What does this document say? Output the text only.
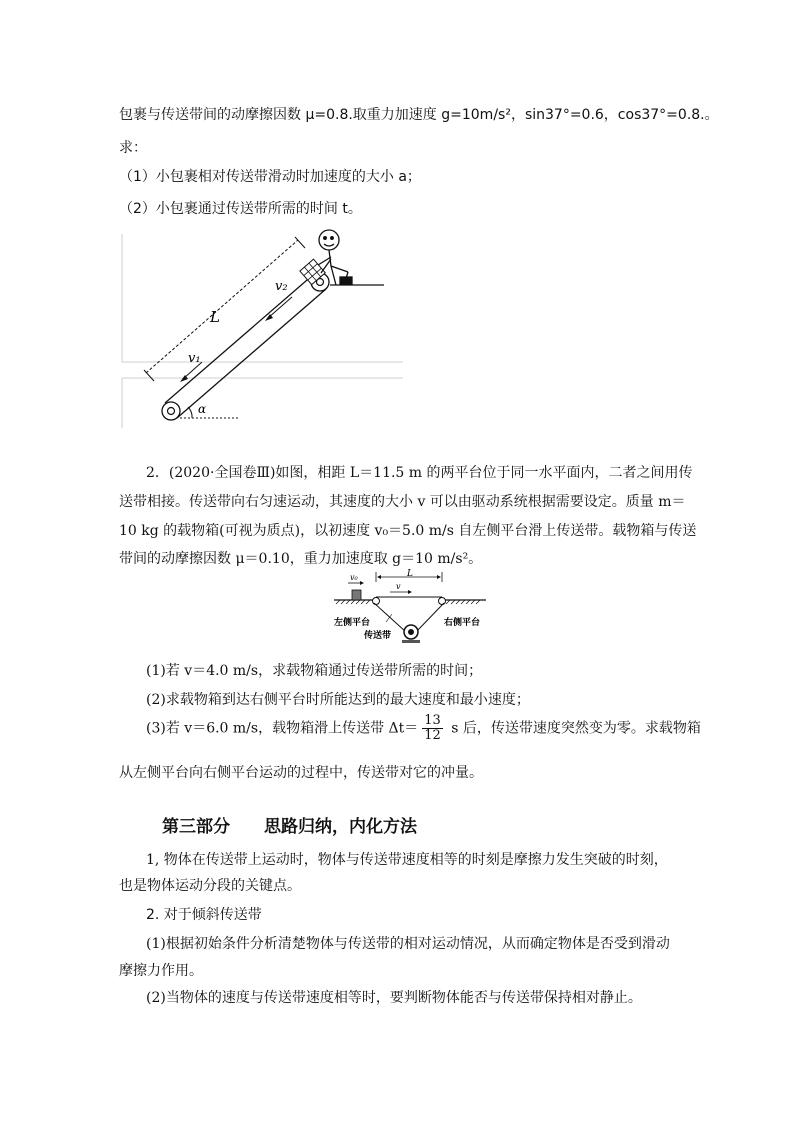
包裹与传送带间的动摩擦因数 μ=0.8.取重力加速度 g=10m/s²，sin37°=0.6，cos37°=0.8.。
求：
（1）小包裹相对传送带滑动时加速度的大小 a；
（2）小包裹通过传送带所需的时间 t。
α
L
v₂
v₁
2．(2020·全国卷Ⅲ)如图，相距 L＝11.5 m 的两平台位于同一水平面内，二者之间用传
送带相接。传送带向右匀速运动，其速度的大小 v 可以由驱动系统根据需要设定。质量 m＝
10 kg 的载物箱(可视为质点)，以初速度 v₀＝5.0 m/s 自左侧平台滑上传送带。载物箱与传送
带间的动摩擦因数 μ＝0.10，重力加速度取 g＝10 m/s²。
v₀	L
v
左侧平台	右侧平台
传送带
(1)若 v＝4.0 m/s，求载物箱通过传送带所需的时间；
(2)求载物箱到达右侧平台时所能达到的最大速度和最小速度；
(3)若 v＝6.0 m/s，载物箱滑上传送带 $\Delta t= \frac{13}{12}$ s 后，传送带速度突然变为零。求载物箱
从左侧平台向右侧平台运动的过程中，传送带对它的冲量。
第三部分　　思路归纳，内化方法
1, 物体在传送带上运动时，物体与传送带速度相等的时刻是摩擦力发生突破的时刻，
也是物体运动分段的关键点。
2. 对于倾斜传送带
(1)根据初始条件分析清楚物体与传送带的相对运动情况，从而确定物体是否受到滑动
摩擦力作用。
(2)当物体的速度与传送带速度相等时，要判断物体能否与传送带保持相对静止。
